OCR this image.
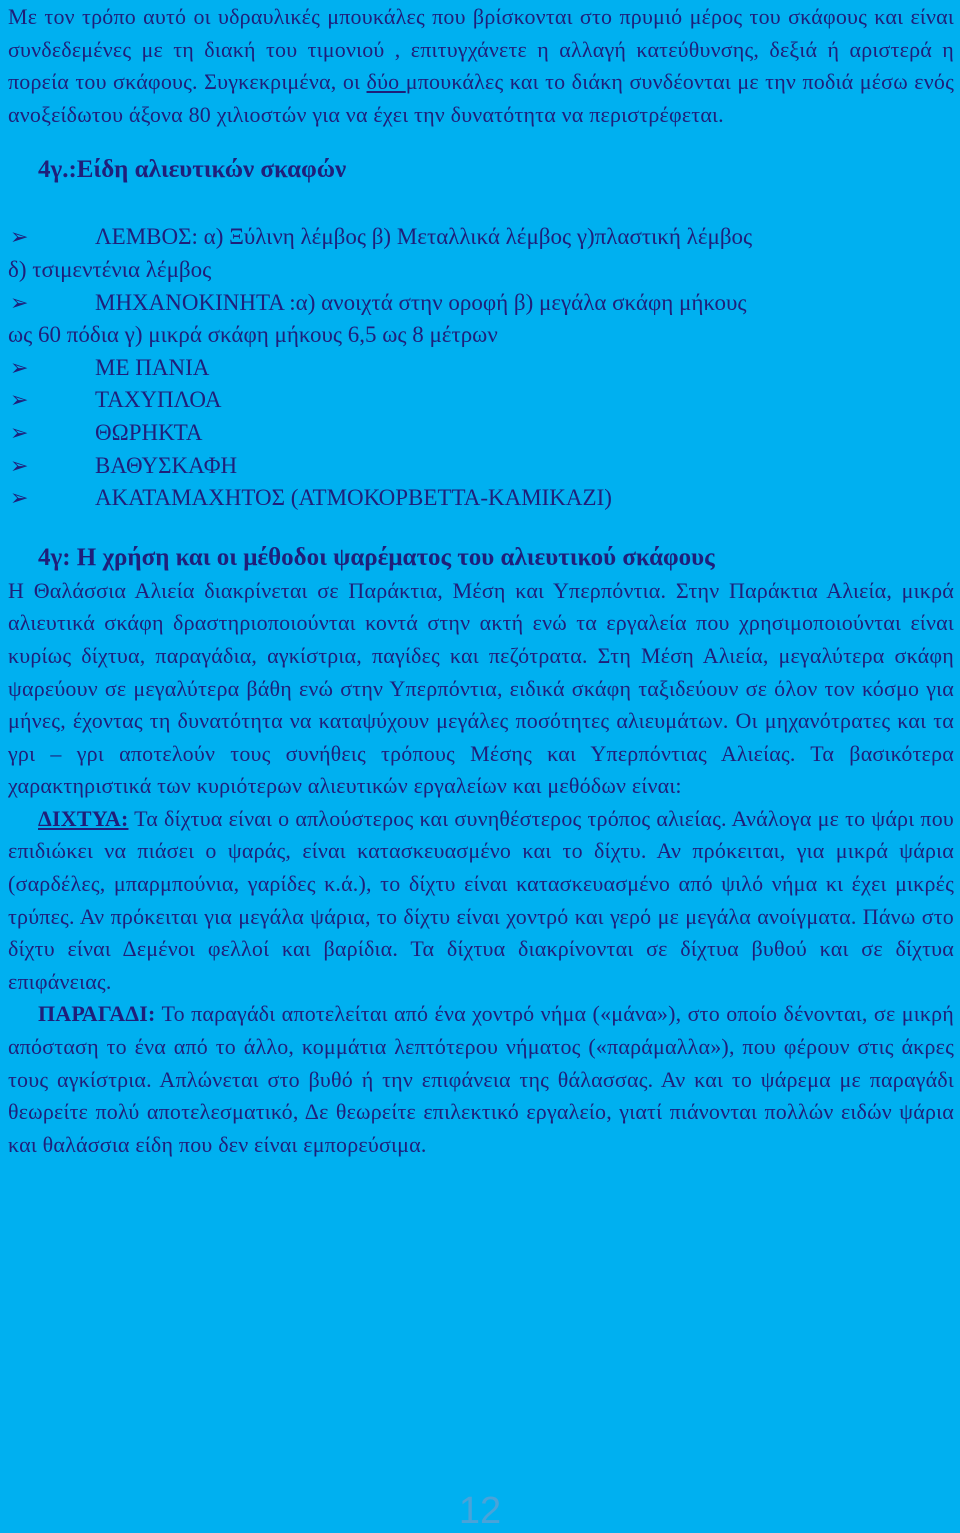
Με τον τρόπο αυτό οι υδραυλικές μπουκάλες που βρίσκονται στο πρυμιό μέρος του σκάφους και είναι συνδεδεμένες με τη διακή του τιμονιού , επιτυγχάνετε η αλλαγή κατεύθυνσης, δεξιά ή αριστερά η πορεία του σκάφους. Συγκεκριμένα, οι δύο μπουκάλες και το διάκη συνδέονται με την ποδιά μέσω ενός ανοξείδωτου άξονα 80 χιλιοστών για να έχει την δυνατότητα να περιστρέφεται.

4γ.:Είδη αλιευτικών σκαφών
➢	ΛΕΜΒΟΣ: α) Ξύλινη λέμβος β) Μεταλλικά λέμβος γ)πλαστική λέμβος
δ) τσιμεντένια λέμβος
➢	ΜΗΧΑΝΟΚΙΝΗΤΑ :α) ανοιχτά στην οροφή β) μεγάλα σκάφη μήκους
ως 60 πόδια γ) μικρά σκάφη μήκους 6,5 ως 8 μέτρων
➢	ΜΕ ΠΑΝΙΑ
➢	ΤΑΧΥΠΛΟΑ
➢	ΘΩΡΗΚΤΑ
➢	ΒΑΘΥΣΚΑΦΗ
➢	ΑΚΑΤΑΜΑΧΗΤΟΣ (ΑΤΜΟΚΟΡΒΕΤΤΑ-ΚΑΜΙΚΑΖΙ)
4γ: Η χρήση και οι μέθοδοι ψαρέματος του αλιευτικού σκάφους

Η Θαλάσσια Αλιεία διακρίνεται σε Παράκτια, Μέση και Υπερπόντια. Στην Παράκτια Αλιεία, μικρά αλιευτικά σκάφη δραστηριοποιούνται κοντά στην ακτή ενώ τα εργαλεία που χρησιμοποιούνται είναι κυρίως δίχτυα, παραγάδια, αγκίστρια, παγίδες και πεζότρατα. Στη Μέση Αλιεία, μεγαλύτερα σκάφη ψαρεύουν σε μεγαλύτερα βάθη ενώ στην Υπερπόντια, ειδικά σκάφη ταξιδεύουν σε όλον τον κόσμο για μήνες, έχοντας τη δυνατότητα να καταψύχουν μεγάλες ποσότητες αλιευμάτων. Οι μηχανότρατες και τα γρι – γρι αποτελούν τους συνήθεις τρόπους Μέσης και Υπερπόντιας Αλιείας. Τα βασικότερα χαρακτηριστικά των κυριότερων αλιευτικών εργαλείων και μεθόδων είναι:

ΔΙΧΤΥΑ: Τα δίχτυα είναι ο απλούστερος και συνηθέστερος τρόπος αλιείας. Ανάλογα με το ψάρι που επιδιώκει να πιάσει ο ψαράς, είναι κατασκευασμένο και το δίχτυ. Αν πρόκειται, για μικρά ψάρια (σαρδέλες, μπαρμπούνια, γαρίδες κ.ά.), το δίχτυ είναι κατασκευασμένο από ψιλό νήμα κι έχει μικρές τρύπες. Αν πρόκειται για μεγάλα ψάρια, το δίχτυ είναι χοντρό και γερό με μεγάλα ανοίγματα. Πάνω στο δίχτυ είναι Δεμένοι φελλοί και βαρίδια. Τα δίχτυα διακρίνονται σε δίχτυα βυθού και σε δίχτυα επιφάνειας.

ΠΑΡΑΓΑΔΙ: Το παραγάδι αποτελείται από ένα χοντρό νήμα («μάνα»), στο οποίο δένονται, σε μικρή απόσταση το ένα από το άλλο, κομμάτια λεπτότερου νήματος («παράμαλλα»), που φέρουν στις άκρες τους αγκίστρια. Απλώνεται στο βυθό ή την επιφάνεια της θάλασσας. Αν και το ψάρεμα με παραγάδι θεωρείτε πολύ αποτελεσματικό, Δε θεωρείτε επιλεκτικό εργαλείο, γιατί πιάνονται πολλών ειδών ψάρια και θαλάσσια είδη που δεν είναι εμπορεύσιμα.

12
